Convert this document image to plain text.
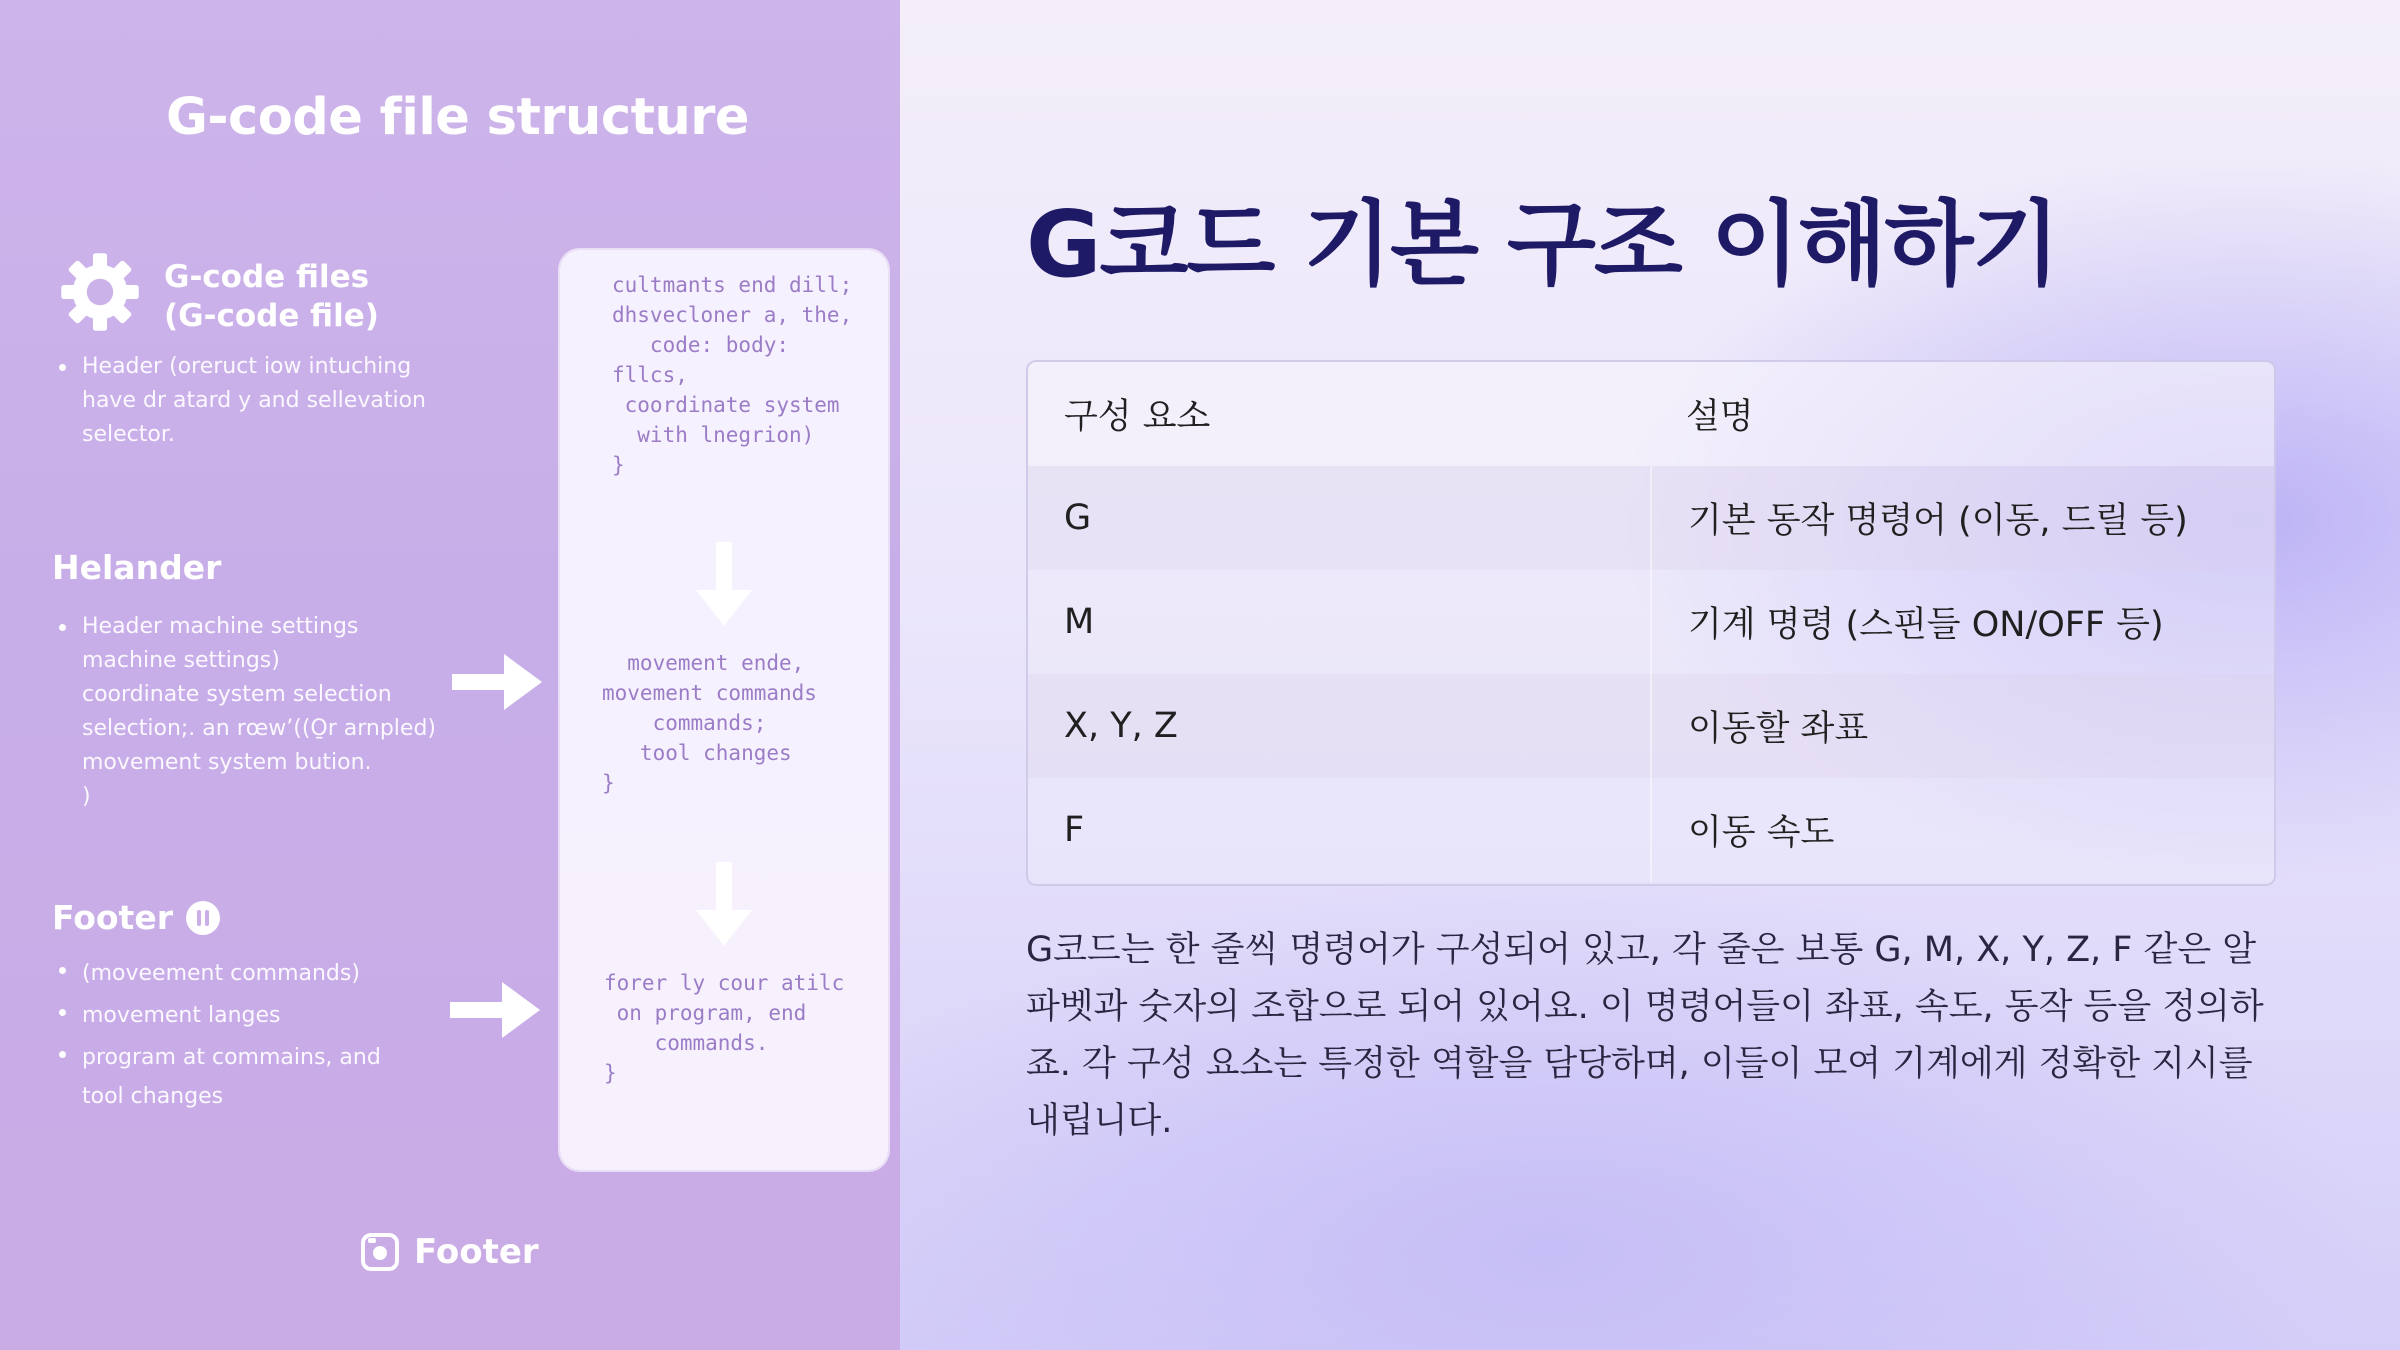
G-code file structure
G-code files
(G-code file)
Header (oreruct iow intuching
have dr atard y and sellevation
selector.
Helander
Header machine settings
machine settings)
coordinate system selection
selection;. an rœw’((O̱r arnpled)
movement system bution.
)
Footer
(moveement commands)
movement langes
program at commains, and
tool changes
cultmants end dill;
dhsvecloner a, the,
code: body:
fllcs,
coordinate system
with lnegrion)
}
movement ende,
movement commands
commands;
tool changes
}
forer ly cour atilc
on program, end
commands.
}
Footer
G코드 기본 구조 이해하기
구성 요소	설명
G	기본 동작 명령어 (이동, 드릴 등)
M	기계 명령 (스핀들 ON/OFF 등)
X, Y, Z	이동할 좌표
F	이동 속도

G코드는 한 줄씩 명령어가 구성되어 있고, 각 줄은 보통 G, M, X, Y, Z, F 같은 알파벳과 숫자의 조합으로 되어 있어요. 이 명령어들이 좌표, 속도, 동작 등을 정의하죠. 각 구성 요소는 특정한 역할을 담당하며, 이들이 모여 기계에게 정확한 지시를 내립니다.
